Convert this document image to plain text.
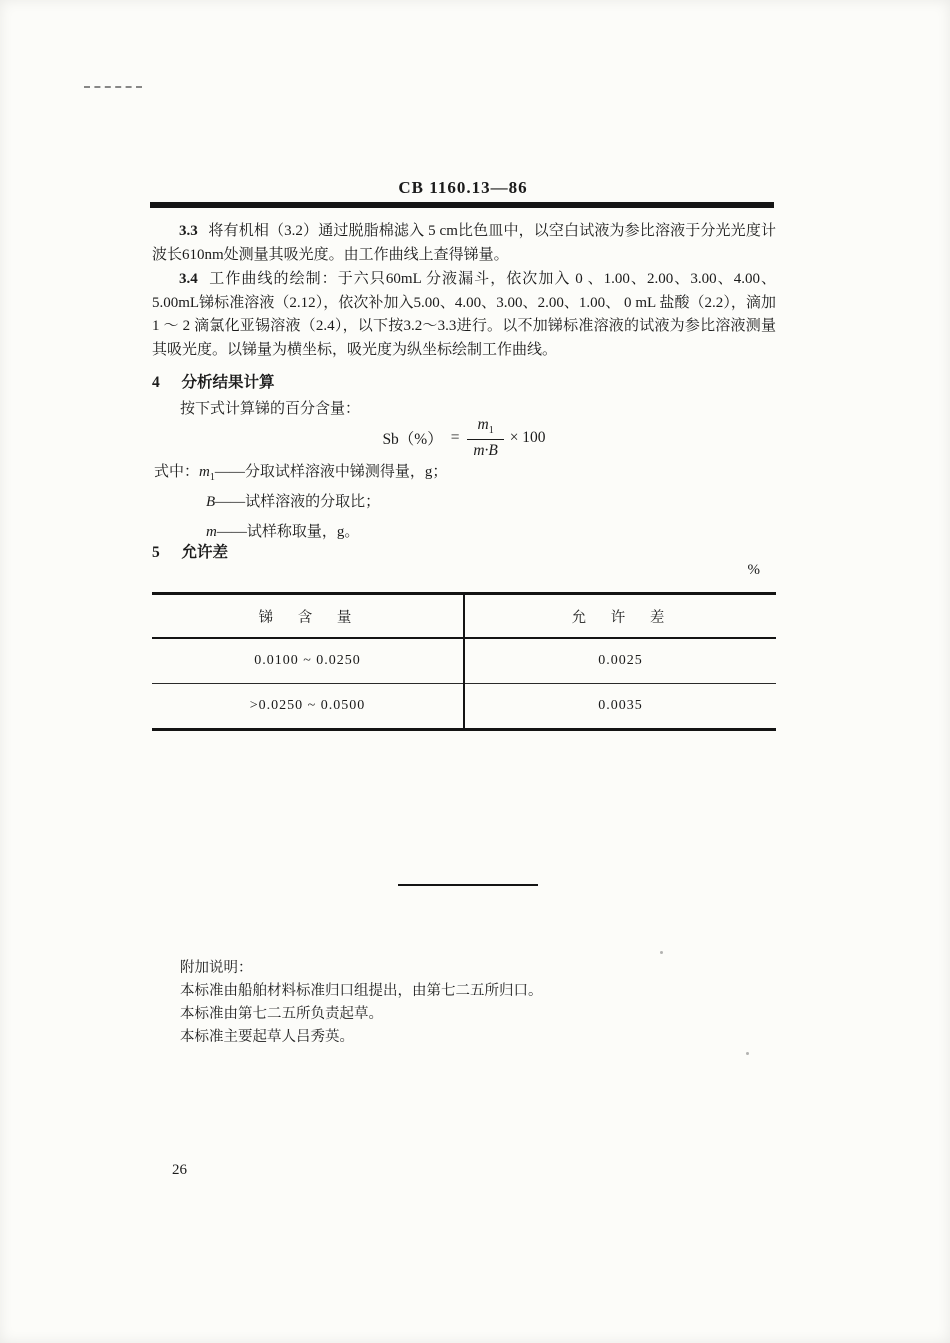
CB 1160.13—86

3.3 将有机相（3.2）通过脱脂棉滤入 5 cm比色皿中，以空白试液为参比溶液于分光光度计波长610nm处测量其吸光度。由工作曲线上查得锑量。

3.4 工作曲线的绘制：于六只60mL 分液漏斗，依次加入 0 、1.00、2.00、3.00、4.00、5.00mL锑标准溶液（2.12），依次补加入5.00、4.00、3.00、2.00、1.00、 0 mL 盐酸（2.2），滴加 1 ～ 2 滴氯化亚锡溶液（2.4），以下按3.2～3.3进行。以不加锑标准溶液的试液为参比溶液测量其吸光度。以锑量为横坐标，吸光度为纵坐标绘制工作曲线。

4 分析结果计算
按下式计算锑的百分含量：
$Sb(\%) = \frac{m_1}{m\cdot B} \times 100$
式中：$m_1——$分取试样溶液中锑测得量，g；
B——试样溶液的分取比；
m——试样称取量，g。
5 允许差
%
锑　含　量	允　许　差
0.0100 ~ 0.0250	0.0025
>0.0250 ~ 0.0500	0.0035
附加说明：
本标准由船舶材料标准归口组提出，由第七二五所归口。
本标准由第七二五所负责起草。
本标准主要起草人吕秀英。
26
